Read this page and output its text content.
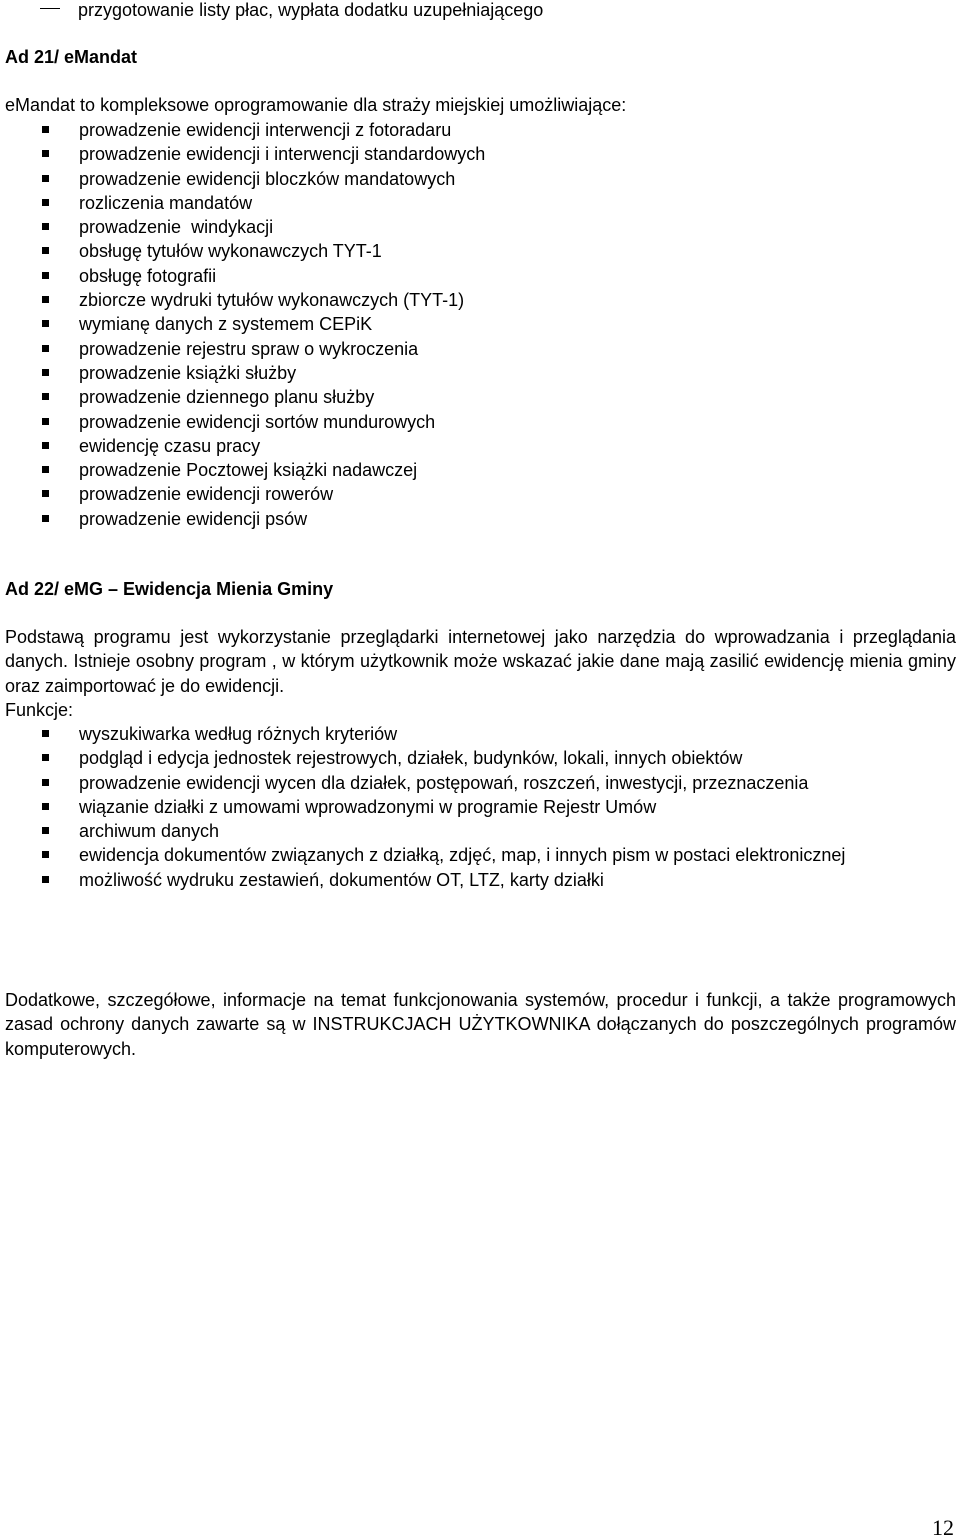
przygotowanie listy płac, wypłata dodatku uzupełniającego
Ad 21/ eMandat
eMandat to kompleksowe oprogramowanie dla straży miejskiej umożliwiające:
prowadzenie ewidencji interwencji z fotoradaru
prowadzenie ewidencji i interwencji standardowych
prowadzenie ewidencji bloczków mandatowych
rozliczenia mandatów
prowadzenie  windykacji
obsługę tytułów wykonawczych TYT-1
obsługę fotografii
zbiorcze wydruki tytułów wykonawczych (TYT-1)
wymianę danych z systemem CEPiK
prowadzenie rejestru spraw o wykroczenia
prowadzenie książki służby
prowadzenie dziennego planu służby
prowadzenie ewidencji sortów mundurowych
ewidencję czasu pracy
prowadzenie Pocztowej książki nadawczej
prowadzenie ewidencji rowerów
prowadzenie ewidencji psów
Ad 22/ eMG – Ewidencja Mienia Gminy

Podstawą programu jest wykorzystanie przeglądarki internetowej jako narzędzia do wprowadzania i przeglądania danych. Istnieje osobny program , w którym użytkownik może wskazać jakie dane mają zasilić ewidencję mienia gminy oraz zaimportować je do ewidencji.

Funkcje:
wyszukiwarka według różnych kryteriów
podgląd i edycja jednostek rejestrowych, działek, budynków, lokali, innych obiektów
prowadzenie ewidencji wycen dla działek, postępowań, roszczeń, inwestycji, przeznaczenia
wiązanie działki z umowami wprowadzonymi w programie Rejestr Umów
archiwum danych
ewidencja dokumentów związanych z działką, zdjęć, map, i innych pism w postaci elektronicznej
możliwość wydruku zestawień, dokumentów OT, LTZ, karty działki

Dodatkowe, szczegółowe, informacje na temat funkcjonowania systemów, procedur i funkcji, a także programowych zasad ochrony danych zawarte są w INSTRUKCJACH UŻYTKOWNIKA dołączanych do poszczególnych programów komputerowych.

12
